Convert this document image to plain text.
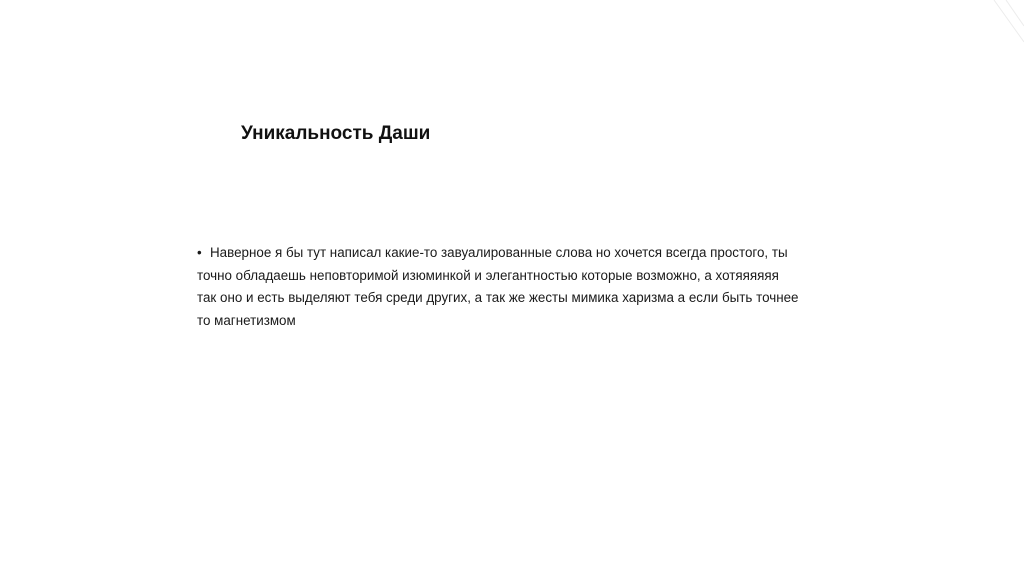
Уникальность Даши
• Наверное я бы тут написал какие-то завуалированные слова но хочется всегда простого, ты
точно обладаешь неповторимой изюминкой и элегантностью которые возможно, а хотяяяяяя
так оно и есть выделяют тебя среди других, а так же жесты мимика харизма а если быть точнее
то магнетизмом
